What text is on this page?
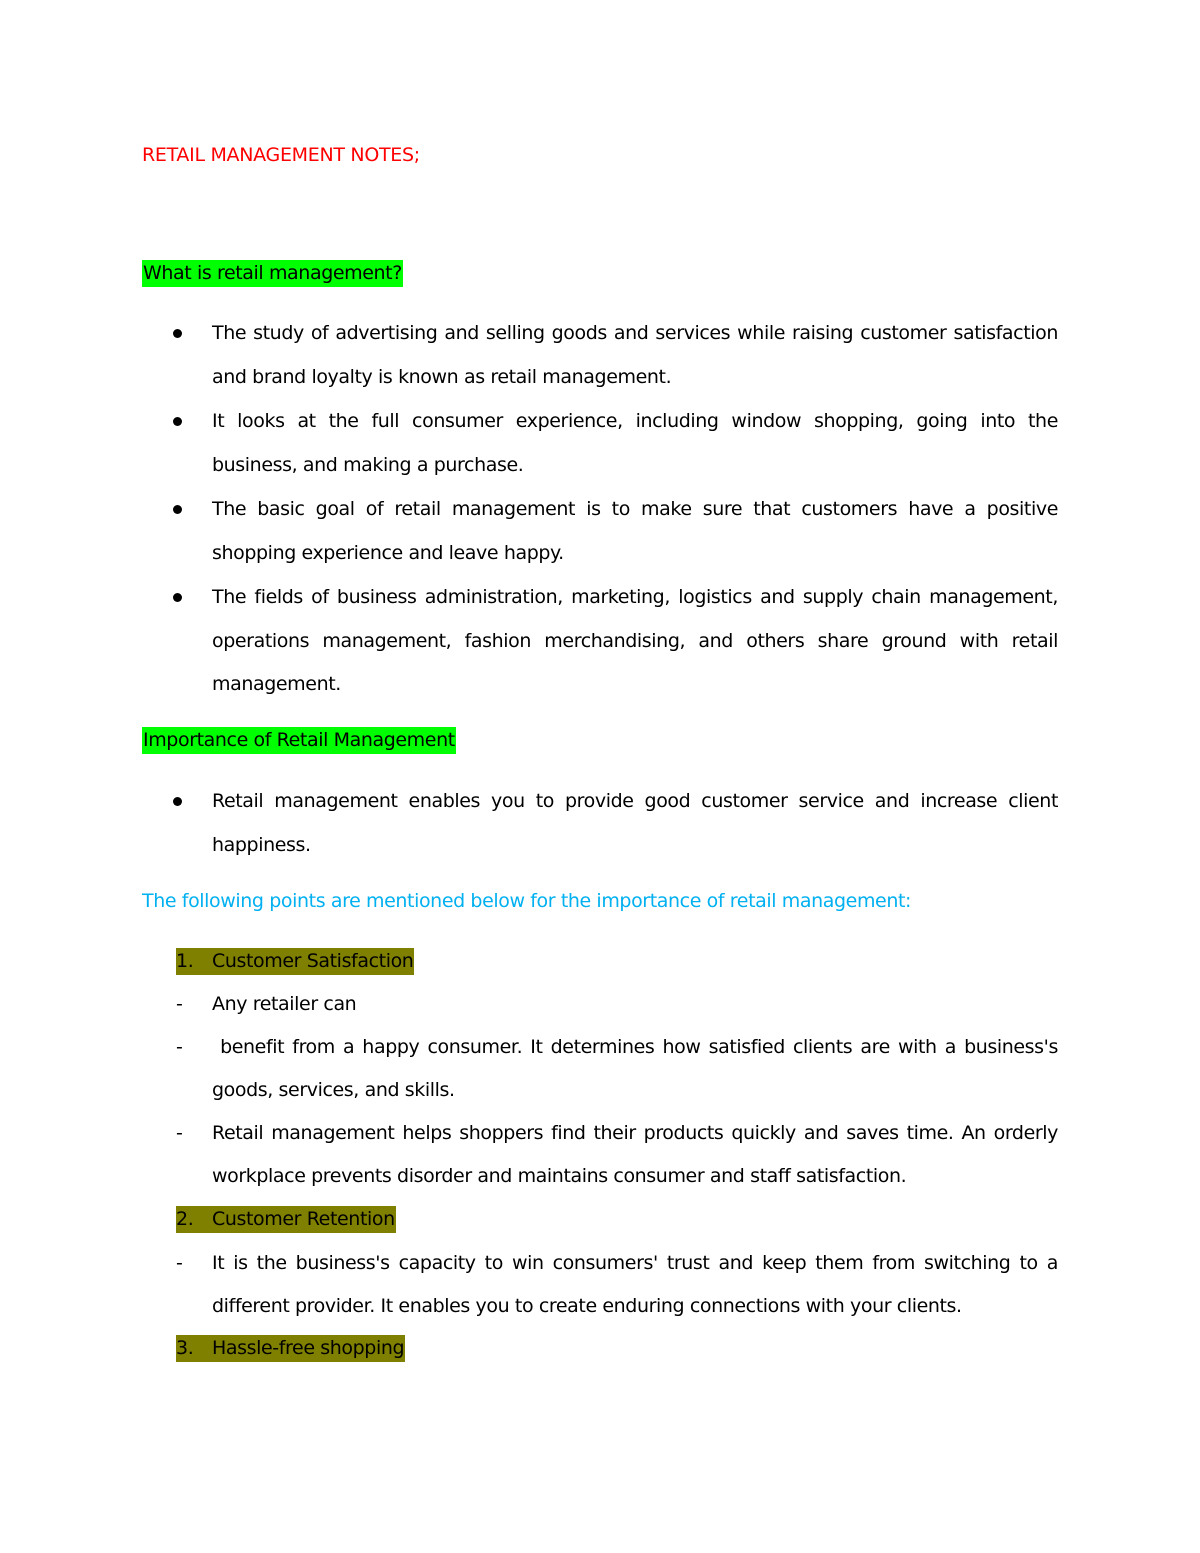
RETAIL MANAGEMENT NOTES;
What is retail management?
The study of advertising and selling goods and services while raising customer satisfaction and brand loyalty is known as retail management.
It looks at the full consumer experience, including window shopping, going into the business, and making a purchase.
The basic goal of retail management is to make sure that customers have a positive shopping experience and leave happy.
The fields of business administration, marketing, logistics and supply chain management, operations management, fashion merchandising, and others share ground with retail management.
Importance of Retail Management
Retail management enables you to provide good customer service and increase client happiness.
The following points are mentioned below for the importance of retail management:
1. Customer Satisfaction
- Any retailer can
- benefit from a happy consumer. It determines how satisfied clients are with a business's goods, services, and skills.
- Retail management helps shoppers find their products quickly and saves time. An orderly workplace prevents disorder and maintains consumer and staff satisfaction.
2. Customer Retention
- It is the business's capacity to win consumers' trust and keep them from switching to a different provider. It enables you to create enduring connections with your clients.
3. Hassle-free shopping
